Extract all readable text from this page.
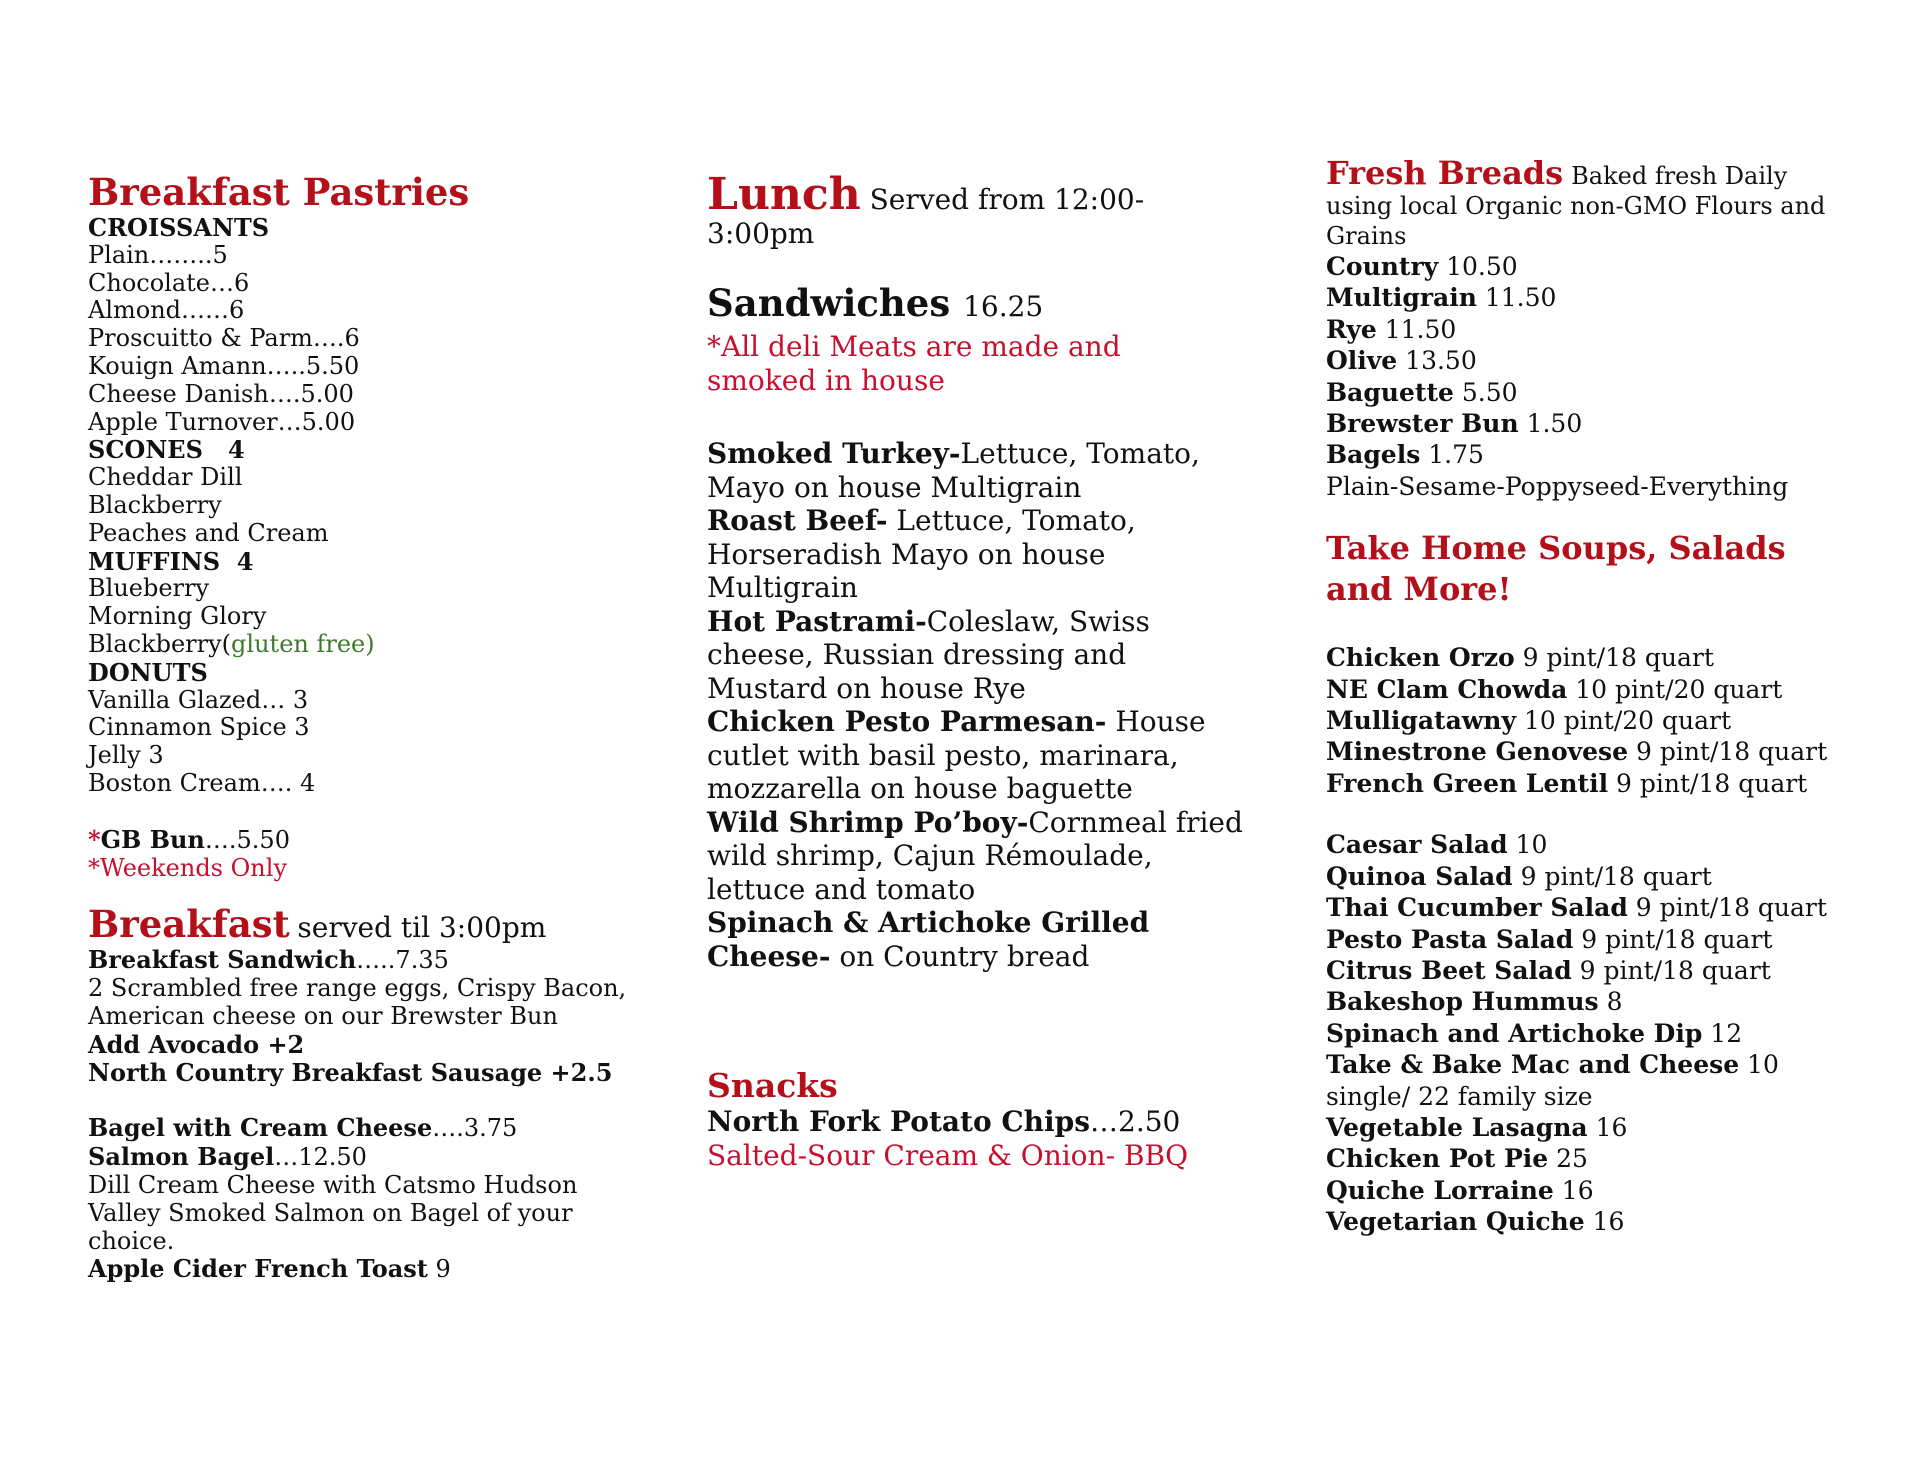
Breakfast Pastries
CROISSANTS
Plain……..5
Chocolate…6
Almond……6
Proscuitto & Parm….6
Kouign Amann…..5.50
Cheese Danish….5.00
Apple Turnover…5.00
SCONES   4
Cheddar Dill
Blackberry
Peaches and Cream
MUFFINS  4
Blueberry
Morning Glory
Blackberry(gluten free)
DONUTS
Vanilla Glazed… 3
Cinnamon Spice 3
Jelly 3
Boston Cream…. 4
*GB Bun….5.50
*Weekends Only
Breakfast served til 3:00pm
Breakfast Sandwich…..7.35
2 Scrambled free range eggs, Crispy Bacon, American cheese on our Brewster Bun
Add Avocado +2
North Country Breakfast Sausage +2.5
Bagel with Cream Cheese….3.75
Salmon Bagel…12.50
Dill Cream Cheese with Catsmo Hudson Valley Smoked Salmon on Bagel of your choice.
Apple Cider French Toast 9
Lunch Served from 12:00-3:00pm
Sandwiches 16.25
*All deli Meats are made and smoked in house
Smoked Turkey-Lettuce, Tomato, Mayo on house Multigrain
Roast Beef- Lettuce, Tomato, Horseradish Mayo on house Multigrain
Hot Pastrami-Coleslaw, Swiss cheese, Russian dressing and Mustard on house Rye
Chicken Pesto Parmesan- House cutlet with basil pesto, marinara, mozzarella on house baguette
Wild Shrimp Po’boy-Cornmeal fried wild shrimp, Cajun Rémoulade, lettuce and tomato
Spinach & Artichoke Grilled Cheese- on Country bread
Snacks
North Fork Potato Chips…2.50
Salted-Sour Cream & Onion- BBQ
Fresh Breads Baked fresh Daily using local Organic non-GMO Flours and Grains
Country 10.50
Multigrain 11.50
Rye 11.50
Olive 13.50
Baguette 5.50
Brewster Bun 1.50
Bagels 1.75
Plain-Sesame-Poppyseed-Everything
Take Home Soups, Salads and More!
Chicken Orzo 9 pint/18 quart
NE Clam Chowda 10 pint/20 quart
Mulligatawny 10 pint/20 quart
Minestrone Genovese 9 pint/18 quart
French Green Lentil 9 pint/18 quart
Caesar Salad 10
Quinoa Salad 9 pint/18 quart
Thai Cucumber Salad 9 pint/18 quart
Pesto Pasta Salad 9 pint/18 quart
Citrus Beet Salad 9 pint/18 quart
Bakeshop Hummus 8
Spinach and Artichoke Dip 12
Take & Bake Mac and Cheese 10
single/ 22 family size
Vegetable Lasagna 16
Chicken Pot Pie 25
Quiche Lorraine 16
Vegetarian Quiche 16
